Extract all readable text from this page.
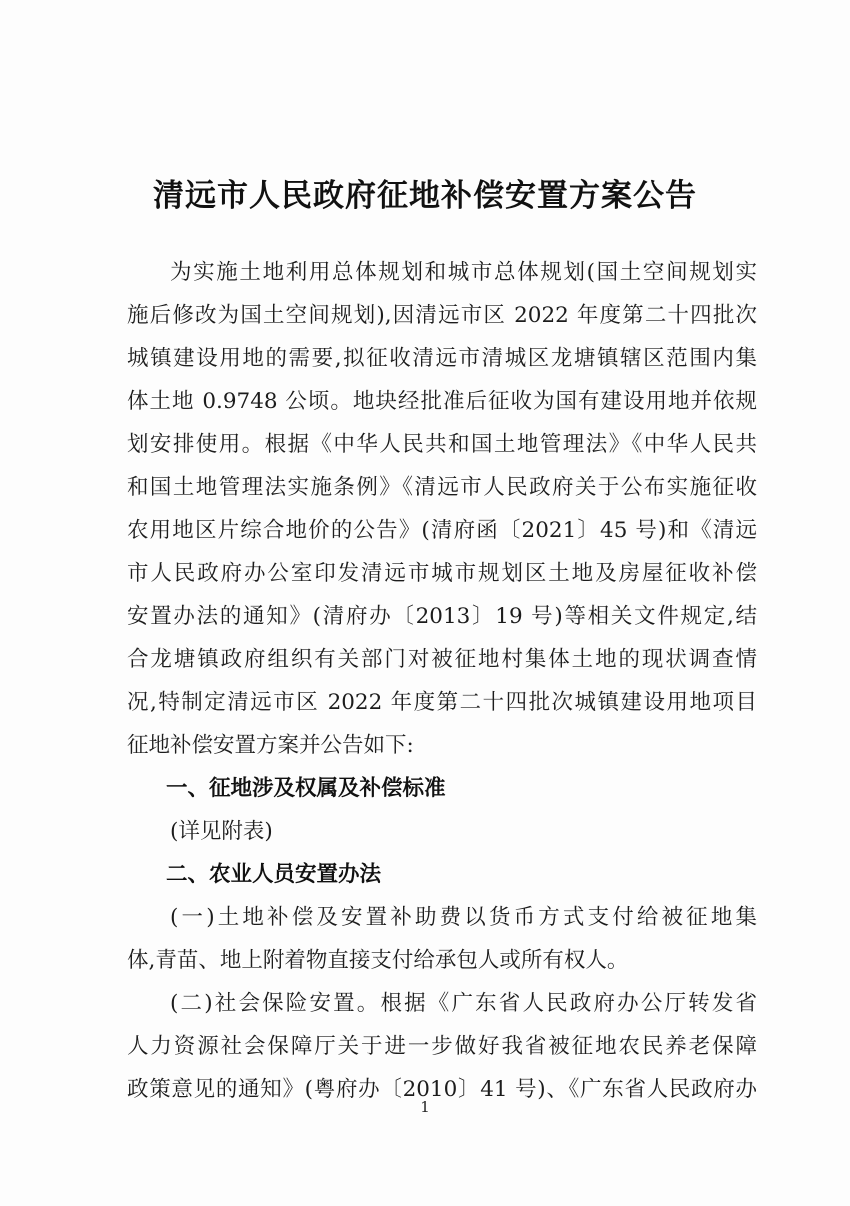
清远市人民政府征地补偿安置方案公告
为实施土地利用总体规划和城市总体规划(国土空间规划实
施后修改为国土空间规划),因清远市区 2022 年度第二十四批次
城镇建设用地的需要,拟征收清远市清城区龙塘镇辖区范围内集
体土地 0.9748 公顷。地块经批准后征收为国有建设用地并依规
划安排使用。根据《中华人民共和国土地管理法》《中华人民共
和国土地管理法实施条例》《清远市人民政府关于公布实施征收
农用地区片综合地价的公告》(清府函〔2021〕45 号)和《清远
市人民政府办公室印发清远市城市规划区土地及房屋征收补偿
安置办法的通知》(清府办〔2013〕19 号)等相关文件规定,结
合龙塘镇政府组织有关部门对被征地村集体土地的现状调查情
况,特制定清远市区 2022 年度第二十四批次城镇建设用地项目
征地补偿安置方案并公告如下:
一、征地涉及权属及补偿标准
(详见附表)
二、农业人员安置办法
(一)土地补偿及安置补助费以货币方式支付给被征地集
体,青苗、地上附着物直接支付给承包人或所有权人。
(二)社会保险安置。根据《广东省人民政府办公厅转发省
人力资源社会保障厅关于进一步做好我省被征地农民养老保障
政策意见的通知》(粤府办〔2010〕41 号)、《广东省人民政府办
1
